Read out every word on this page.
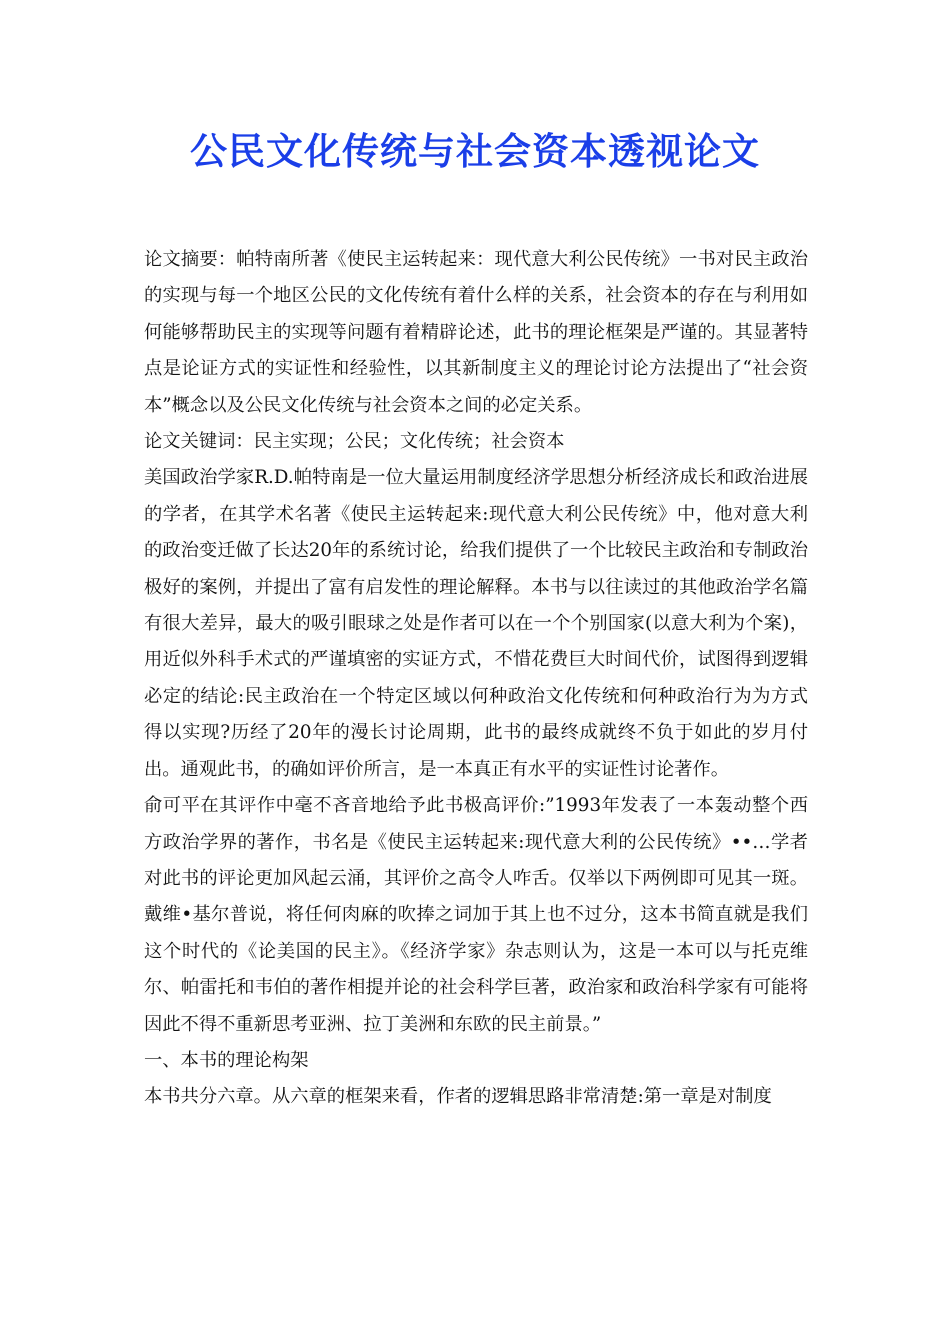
公民文化传统与社会资本透视论文

论文摘要：帕特南所著《使民主运转起来：现代意大利公民传统》一书对民主政治的实现与每一个地区公民的文化传统有着什么样的关系，社会资本的存在与利用如何能够帮助民主的实现等问题有着精辟论述，此书的理论框架是严谨的。其显著特点是论证方式的实证性和经验性，以其新制度主义的理论讨论方法提出了“社会资本”概念以及公民文化传统与社会资本之间的必定关系。

论文关键词：民主实现；公民；文化传统；社会资本

美国政治学家R.D.帕特南是一位大量运用制度经济学思想分析经济成长和政治进展的学者，在其学术名著《使民主运转起来:现代意大利公民传统》中，他对意大利的政治变迁做了长达20年的系统讨论，给我们提供了一个比较民主政治和专制政治极好的案例，并提出了富有启发性的理论解释。本书与以往读过的其他政治学名篇有很大差异，最大的吸引眼球之处是作者可以在一个个别国家(以意大利为个案)，用近似外科手术式的严谨填密的实证方式，不惜花费巨大时间代价，试图得到逻辑必定的结论:民主政治在一个特定区域以何种政治文化传统和何种政治行为为方式得以实现?历经了20年的漫长讨论周期，此书的最终成就终不负于如此的岁月付出。通观此书，的确如评价所言，是一本真正有水平的实证性讨论著作。

俞可平在其评作中毫不吝音地给予此书极高评价:”1993年发表了一本轰动整个西方政治学界的著作，书名是《使民主运转起来:现代意大利的公民传统》••…学者对此书的评论更加风起云涌，其评价之高令人咋舌。仅举以下两例即可见其一斑。戴维•基尔普说，将任何肉麻的吹捧之词加于其上也不过分，这本书简直就是我们这个时代的《论美国的民主》。《经济学家》杂志则认为，这是一本可以与托克维尔、帕雷托和韦伯的著作相提并论的社会科学巨著，政治家和政治科学家有可能将因此不得不重新思考亚洲、拉丁美洲和东欧的民主前景。”

一、本书的理论构架

本书共分六章。从六章的框架来看，作者的逻辑思路非常清楚:第一章是对制度
